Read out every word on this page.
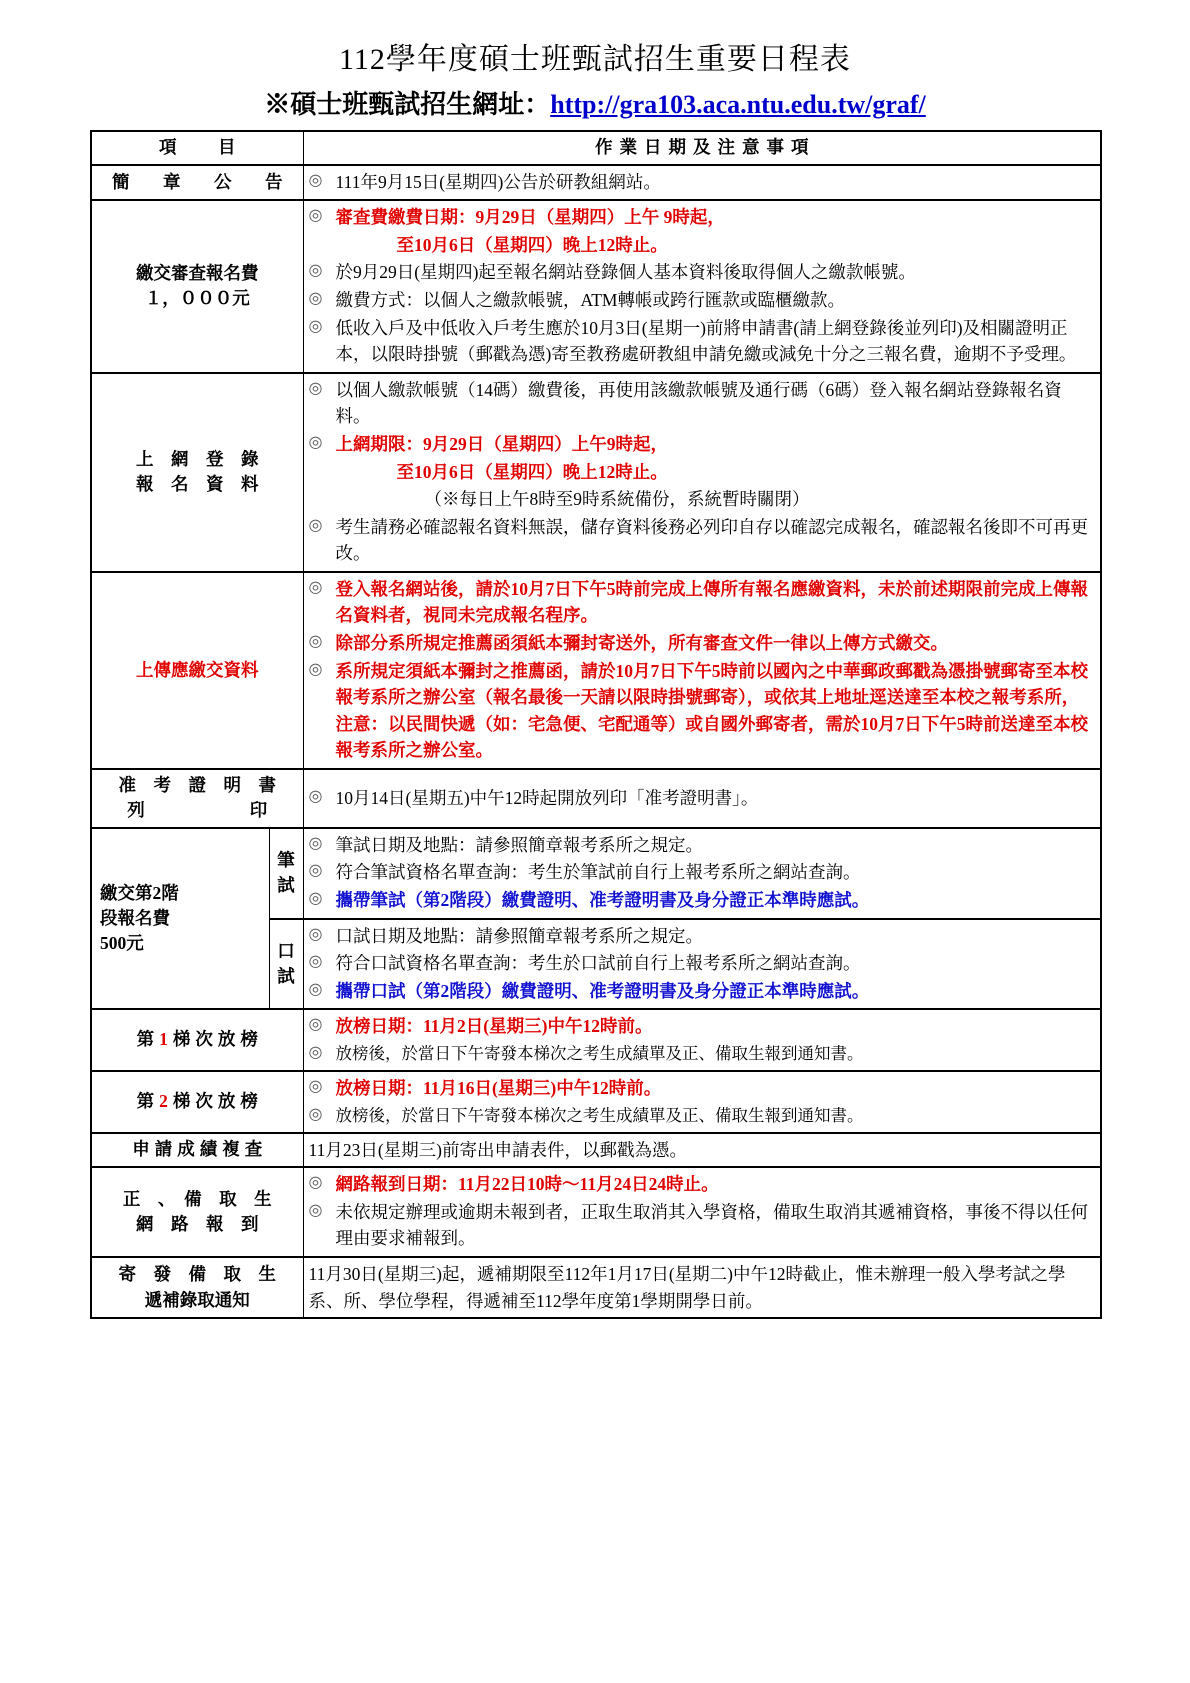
112學年度碩士班甄試招生重要日程表
※碩士班甄試招生網址：http://gra103.aca.ntu.edu.tw/graf/
項　目		作業日期及注意事項
簡　章　公　告	◎ 111年9月15日(星期四)公告於研教組網站。

繳交審查報名費
１，０００元

◎ 審查費繳費日期：9月29日（星期四）上午 9時起，
至10月6日（星期四）晚上12時止。
◎ 於9月29日(星期四)起至報名網站登錄個人基本資料後取得個人之繳款帳號。
◎ 繳費方式：以個人之繳款帳號，ATM轉帳或跨行匯款或臨櫃繳款。
◎ 低收入戶及中低收入戶考生應於10月3日(星期一)前將申請書(請上網登錄後並列印)及相關證明正本，以限時掛號（郵戳為憑)寄至教務處研教組申請免繳或減免十分之三報名費，逾期不予受理。

上　網　登　錄
報　名　資　料

◎ 以個人繳款帳號（14碼）繳費後，再使用該繳款帳號及通行碼（6碼）登入報名網站登錄報名資料。
◎ 上網期限：9月29日（星期四）上午9時起，
至10月6日（星期四）晚上12時止。
（※每日上午8時至9時系統備份，系統暫時關閉）
◎ 考生請務必確認報名資料無誤，儲存資料後務必列印自存以確認完成報名，確認報名後即不可再更改。

上傳應繳交資料	
◎ 登入報名網站後，請於10月7日下午5時前完成上傳所有報名應繳資料，未於前述期限前完成上傳報名資料者，視同未完成報名程序。
◎ 除部分系所規定推薦函須紙本彌封寄送外，所有審查文件一律以上傳方式繳交。
◎ 系所規定須紙本彌封之推薦函，請於10月7日下午5時前以國內之中華郵政郵戳為憑掛號郵寄至本校報考系所之辦公室（報名最後一天請以限時掛號郵寄），或依其上地址逕送達至本校之報考系所，注意：以民間快遞（如：宅急便、宅配通等）或自國外郵寄者，需於10月7日下午5時前送達至本校報考系所之辦公室。

准　考　證　明　書
列　　　　　　印

◎ 10月14日(星期五)中午12時起開放列印「准考證明書」。

繳交第2階
段報名費
500元

筆
試

◎ 筆試日期及地點：請參照簡章報考系所之規定。
◎ 符合筆試資格名單查詢：考生於筆試前自行上報考系所之網站查詢。
◎ 攜帶筆試（第2階段）繳費證明、准考證明書及身分證正本準時應試。

口
試

◎ 口試日期及地點：請參照簡章報考系所之規定。
◎ 符合口試資格名單查詢：考生於口試前自行上報考系所之網站查詢。
◎ 攜帶口試（第2階段）繳費證明、准考證明書及身分證正本準時應試。

第1梯次放榜	
◎ 放榜日期：11月2日(星期三)中午12時前。
◎ 放榜後，於當日下午寄發本梯次之考生成績單及正、備取生報到通知書。

第2梯次放榜	
◎ 放榜日期：11月16日(星期三)中午12時前。
◎ 放榜後，於當日下午寄發本梯次之考生成績單及正、備取生報到通知書。

申請成績複查		11月23日(星期三)前寄出申請表件，以郵戳為憑。

正　、　備　取　生
網　路　報　到

◎ 網路報到日期：11月22日10時～11月24日24時止。
◎ 未依規定辦理或逾期未報到者，正取生取消其入學資格，備取生取消其遞補資格，事後不得以任何理由要求補報到。

寄　發　備　取　生
遞補錄取通知		11月30日(星期三)起，遞補期限至112年1月17日(星期二)中午12時截止，惟未辦理一般入學考試之學系、所、學位學程，得遞補至112學年度第1學期開學日前。
